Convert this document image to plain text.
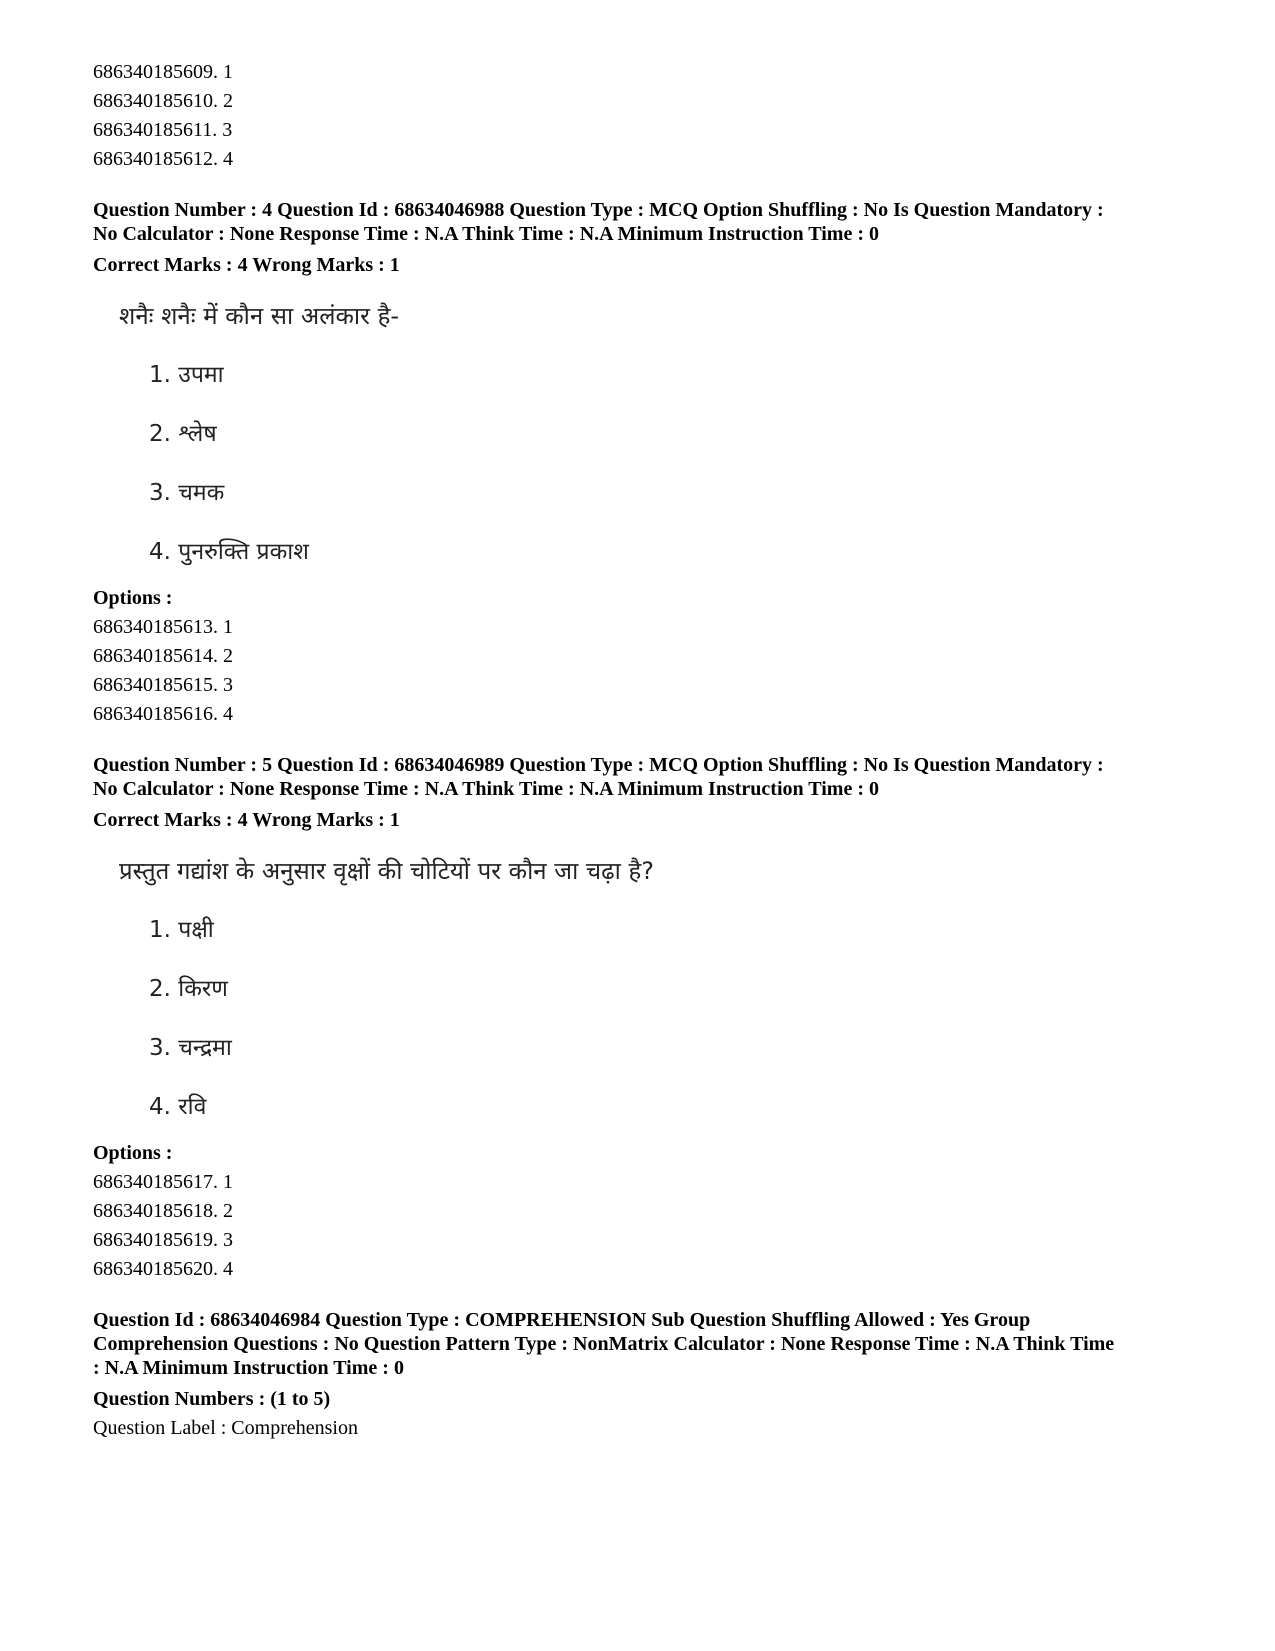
686340185609. 1
686340185610. 2
686340185611. 3
686340185612. 4
Question Number : 4 Question Id : 68634046988 Question Type : MCQ Option Shuffling : No Is Question Mandatory :
No Calculator : None Response Time : N.A Think Time : N.A Minimum Instruction Time : 0
Correct Marks : 4 Wrong Marks : 1
शनैः शनैः में कौन सा अलंकार है-
1. उपमा
2. श्लेष
3. चमक
4. पुनरुक्ति प्रकाश
Options :
686340185613. 1
686340185614. 2
686340185615. 3
686340185616. 4
Question Number : 5 Question Id : 68634046989 Question Type : MCQ Option Shuffling : No Is Question Mandatory :
No Calculator : None Response Time : N.A Think Time : N.A Minimum Instruction Time : 0
Correct Marks : 4 Wrong Marks : 1
प्रस्तुत गद्यांश के अनुसार वृक्षों की चोटियों पर कौन जा चढ़ा है?
1. पक्षी
2. किरण
3. चन्द्रमा
4. रवि
Options :
686340185617. 1
686340185618. 2
686340185619. 3
686340185620. 4
Question Id : 68634046984 Question Type : COMPREHENSION Sub Question Shuffling Allowed : Yes Group
Comprehension Questions : No Question Pattern Type : NonMatrix Calculator : None Response Time : N.A Think Time
: N.A Minimum Instruction Time : 0
Question Numbers : (1 to 5)
Question Label : Comprehension
